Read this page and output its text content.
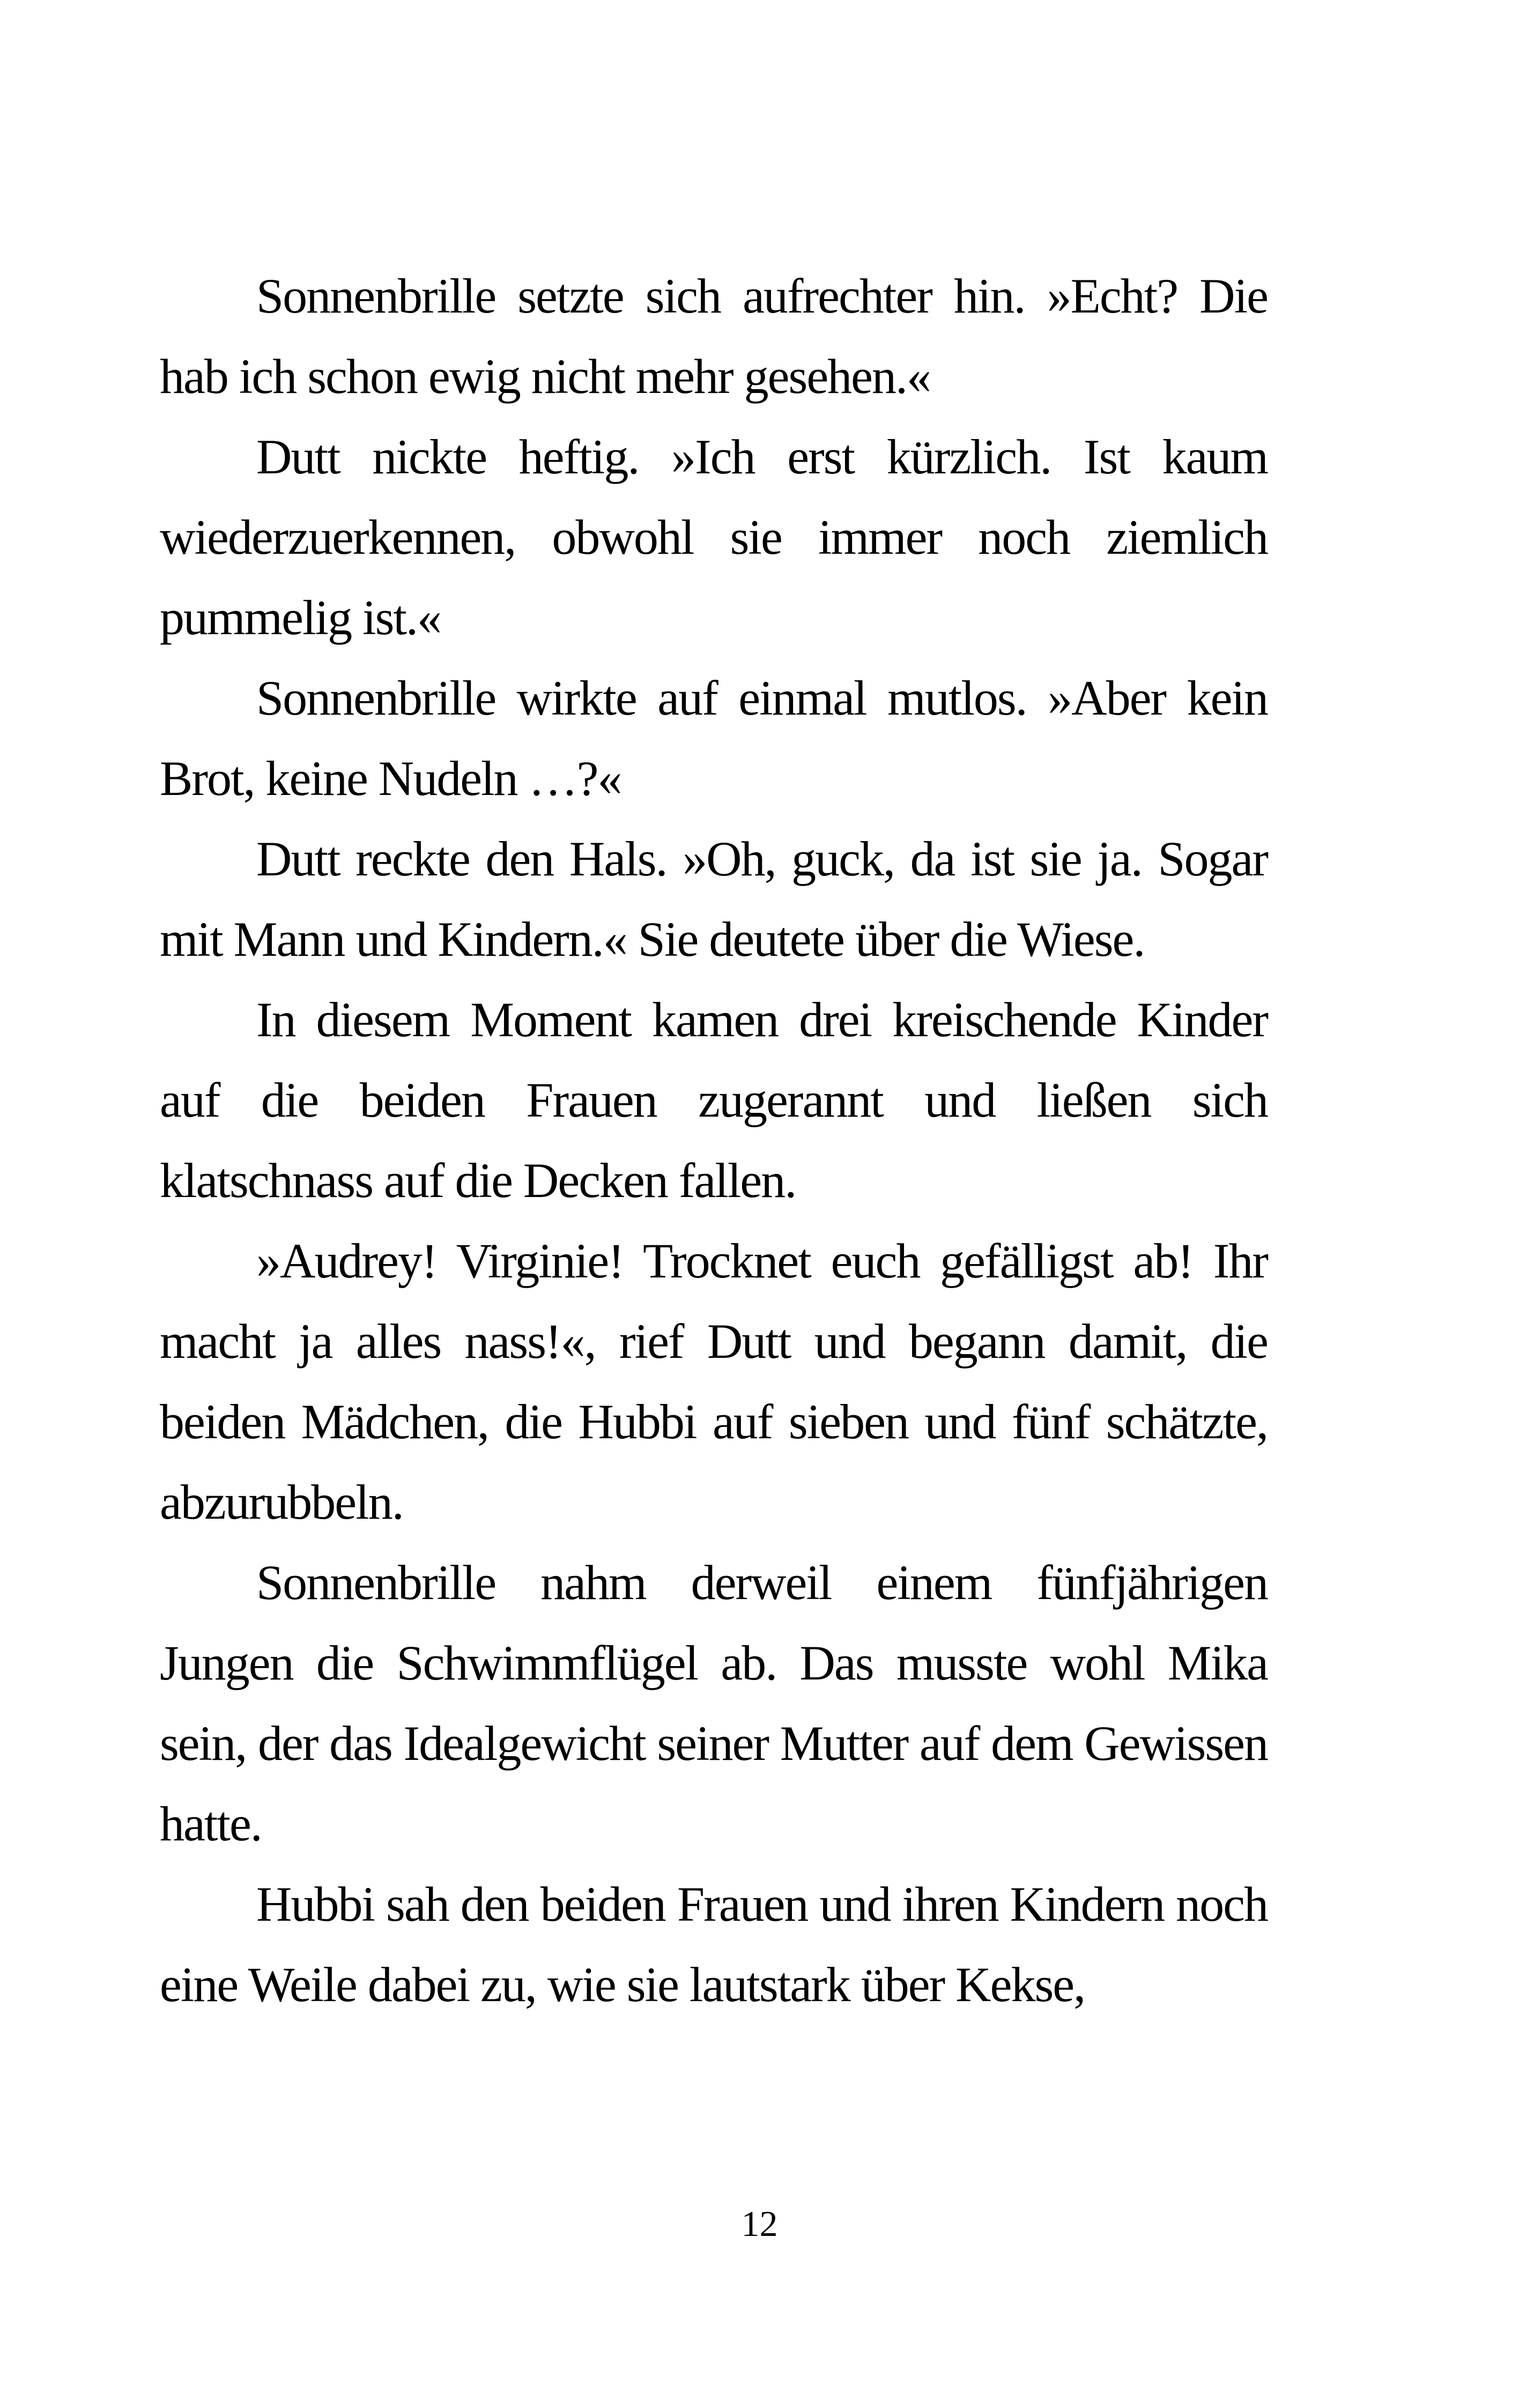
Sonnenbrille setzte sich aufrechter hin. »Echt? Die hab ich schon ewig nicht mehr gesehen.«

Dutt nickte heftig. »Ich erst kürzlich. Ist kaum wiederzuerkennen, obwohl sie immer noch ziemlich pummelig ist.«

Sonnenbrille wirkte auf einmal mutlos. »Aber kein Brot, keine Nudeln …?«

Dutt reckte den Hals. »Oh, guck, da ist sie ja. Sogar mit Mann und Kindern.« Sie deutete über die Wiese.

In diesem Moment kamen drei kreischende Kinder auf die beiden Frauen zugerannt und ließen sich klatschnass auf die Decken fallen.

»Audrey! Virginie! Trocknet euch gefälligst ab! Ihr macht ja alles nass!«, rief Dutt und begann damit, die beiden Mädchen, die Hubbi auf sieben und fünf schätzte, abzurubbeln.

Sonnenbrille nahm derweil einem fünfjährigen Jungen die Schwimmflügel ab. Das musste wohl Mika sein, der das Idealgewicht seiner Mutter auf dem Gewissen hatte.

Hubbi sah den beiden Frauen und ihren Kindern noch eine Weile dabei zu, wie sie lautstark über Kekse,

12
